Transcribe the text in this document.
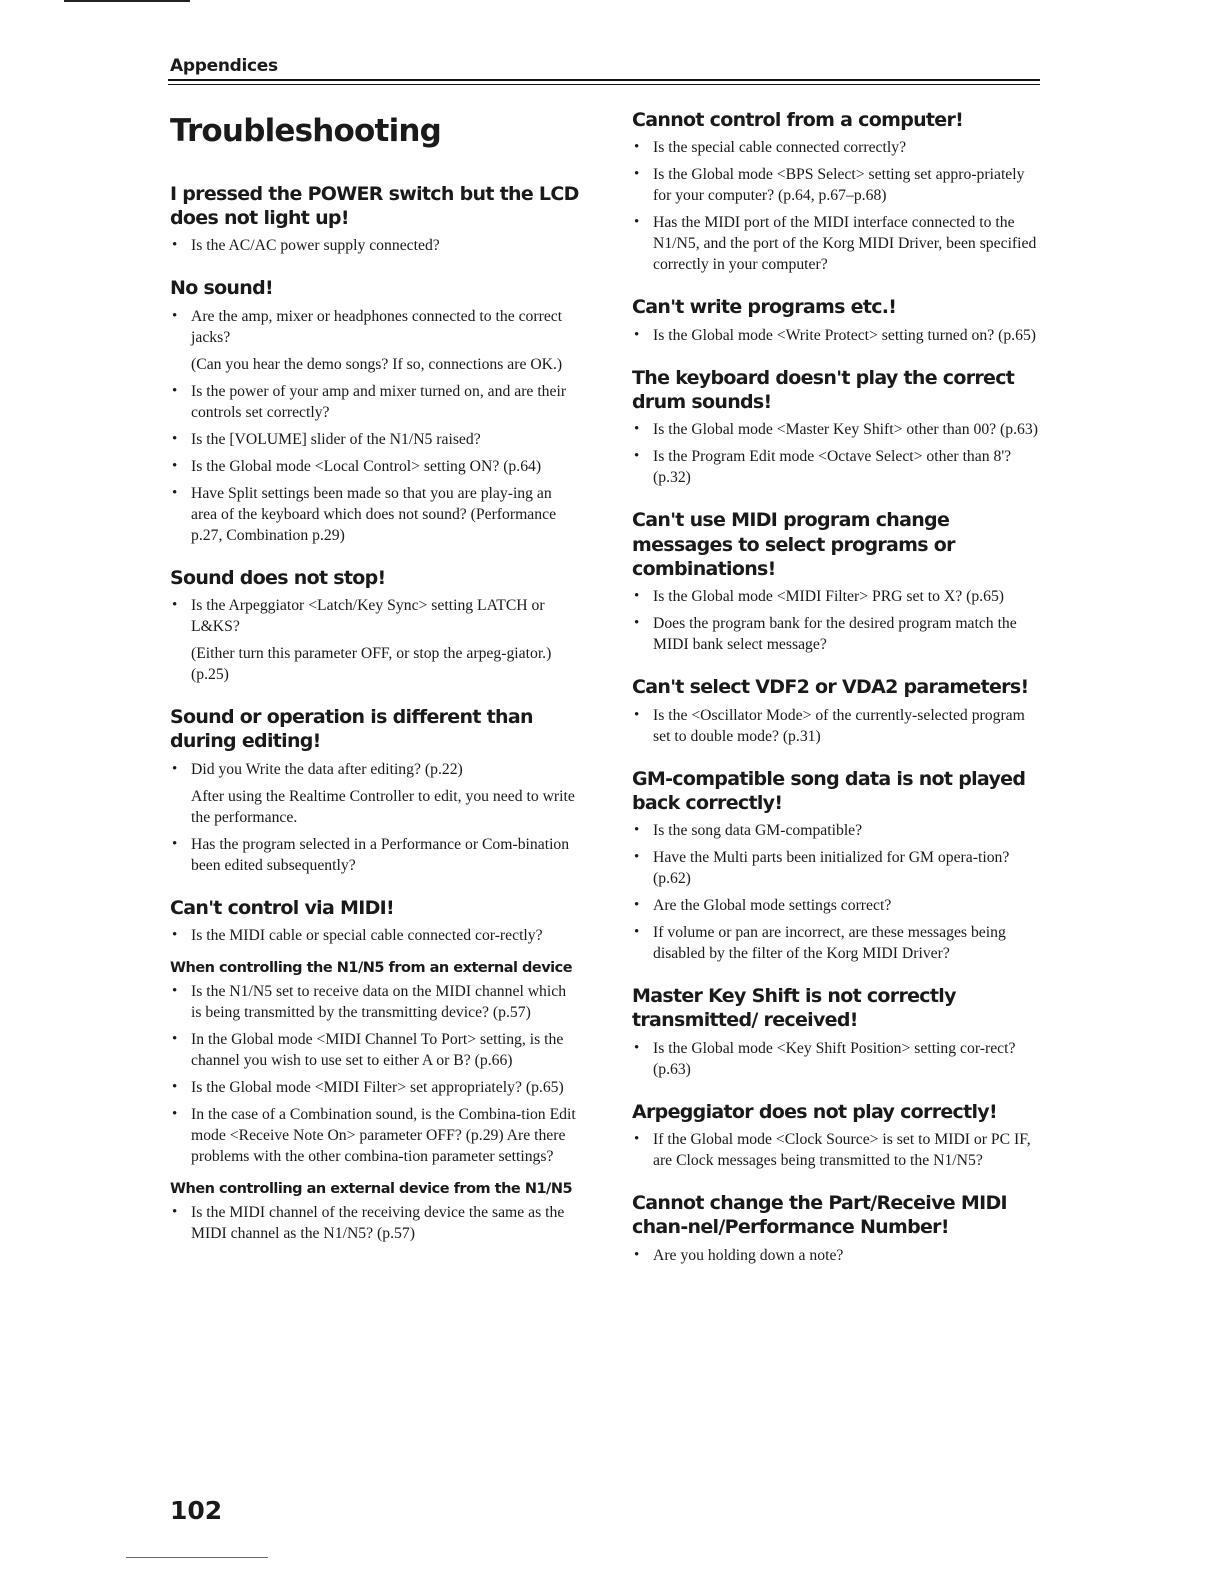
Appendices
Troubleshooting
I pressed the POWER switch but the LCD does not light up!
• Is the AC/AC power supply connected?
No sound!
• Are the amp, mixer or headphones connected to the correct jacks?

(Can you hear the demo songs? If so, connections are OK.)

• Is the power of your amp and mixer turned on, and are their controls set correctly?
• Is the [VOLUME] slider of the N1/N5 raised?
• Is the Global mode <Local Control> setting ON? (p.64)
• Have Split settings been made so that you are play-ing an area of the keyboard which does not sound? (Performance p.27, Combination p.29)
Sound does not stop!
• Is the Arpeggiator <Latch/Key Sync> setting LATCH or L&KS?

(Either turn this parameter OFF, or stop the arpeg-giator.) (p.25)

Sound or operation is different than during editing!
• Did you Write the data after editing? (p.22)

After using the Realtime Controller to edit, you need to write the performance.

• Has the program selected in a Performance or Com-bination been edited subsequently?
Can't control via MIDI!
• Is the MIDI cable or special cable connected cor-rectly?
When controlling the N1/N5 from an external device
• Is the N1/N5 set to receive data on the MIDI channel which is being transmitted by the transmitting device? (p.57)
• In the Global mode <MIDI Channel To Port> setting, is the channel you wish to use set to either A or B? (p.66)
• Is the Global mode <MIDI Filter> set appropriately? (p.65)
• In the case of a Combination sound, is the Combina-tion Edit mode <Receive Note On> parameter OFF? (p.29) Are there problems with the other combina-tion parameter settings?
When controlling an external device from the N1/N5
• Is the MIDI channel of the receiving device the same as the MIDI channel as the N1/N5? (p.57)
Cannot control from a computer!
• Is the special cable connected correctly?
• Is the Global mode <BPS Select> setting set appro-priately for your computer? (p.64, p.67–p.68)
• Has the MIDI port of the MIDI interface connected to the N1/N5, and the port of the Korg MIDI Driver, been specified correctly in your computer?
Can't write programs etc.!
• Is the Global mode <Write Protect> setting turned on? (p.65)
The keyboard doesn't play the correct drum sounds!
• Is the Global mode <Master Key Shift> other than 00? (p.63)
• Is the Program Edit mode <Octave Select> other than 8'? (p.32)
Can't use MIDI program change messages to select programs or combinations!
• Is the Global mode <MIDI Filter> PRG set to X? (p.65)
• Does the program bank for the desired program match the MIDI bank select message?
Can't select VDF2 or VDA2 parameters!
• Is the <Oscillator Mode> of the currently-selected program set to double mode? (p.31)
GM-compatible song data is not played back correctly!
• Is the song data GM-compatible?
• Have the Multi parts been initialized for GM opera-tion? (p.62)
• Are the Global mode settings correct?
• If volume or pan are incorrect, are these messages being disabled by the filter of the Korg MIDI Driver?
Master Key Shift is not correctly transmitted/ received!
• Is the Global mode <Key Shift Position> setting cor-rect? (p.63)
Arpeggiator does not play correctly!
• If the Global mode <Clock Source> is set to MIDI or PC IF, are Clock messages being transmitted to the N1/N5?
Cannot change the Part/Receive MIDI chan-nel/Performance Number!
• Are you holding down a note?
102
